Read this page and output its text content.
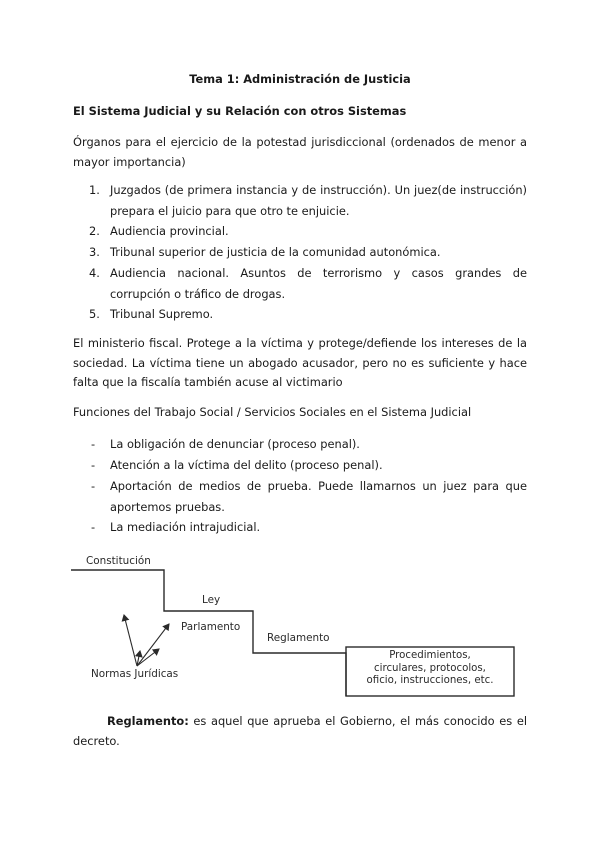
Tema 1: Administración de Justicia
El Sistema Judicial y su Relación con otros Sistemas

Órganos para el ejercicio de la potestad jurisdiccional (ordenados de menor a mayor importancia)

1. Juzgados (de primera instancia y de instrucción). Un juez(de instrucción) prepara el juicio para que otro te enjuicie.
2. Audiencia provincial.
3. Tribunal superior de justicia de la comunidad autonómica.
4. Audiencia nacional. Asuntos de terrorismo y casos grandes de corrupción o tráfico de drogas.
5. Tribunal Supremo.

El ministerio fiscal. Protege a la víctima y protege/defiende los intereses de la sociedad. La víctima tiene un abogado acusador, pero no es suficiente y hace falta que la fiscalía también acuse al victimario

Funciones del Trabajo Social / Servicios Sociales en el Sistema Judicial

- La obligación de denunciar (proceso penal).
- Atención a la víctima del delito (proceso penal).
- Aportación de medios de prueba. Puede llamarnos un juez para que aportemos pruebas.
- La mediación intrajudicial.
Constitución
Ley
Parlamento
Reglamento
Procedimientos,
circulares, protocolos,
oficio, instrucciones, etc.
Normas Jurídicas

Reglamento: es aquel que aprueba el Gobierno, el más conocido es el decreto.
